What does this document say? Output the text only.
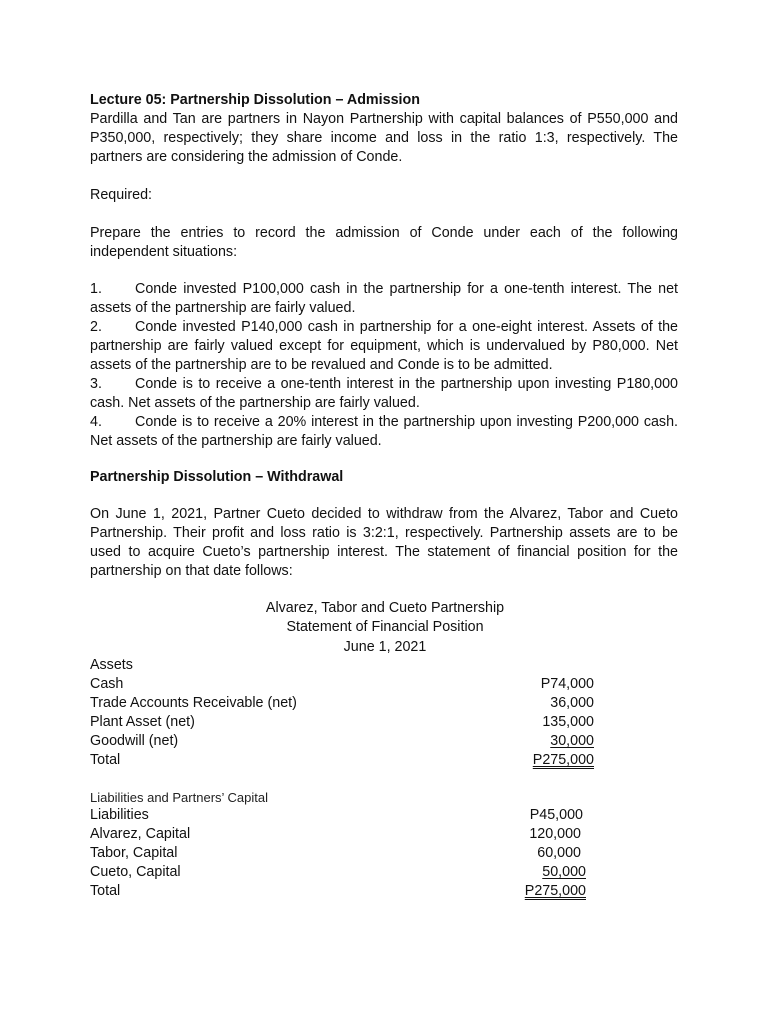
Lecture 05: Partnership Dissolution – Admission

Pardilla and Tan are partners in Nayon Partnership with capital balances of P550,000 and P350,000, respectively; they share income and loss in the ratio 1:3, respectively. The partners are considering the admission of Conde.

Required:

Prepare the entries to record the admission of Conde under each of the following independent situations:

1. Conde invested P100,000 cash in the partnership for a one-tenth interest. The net assets of the partnership are fairly valued.
2. Conde invested P140,000 cash in partnership for a one-eight interest. Assets of the partnership are fairly valued except for equipment, which is undervalued by P80,000. Net assets of the partnership are to be revalued and Conde is to be admitted.
3. Conde is to receive a one-tenth interest in the partnership upon investing P180,000 cash. Net assets of the partnership are fairly valued.
4. Conde is to receive a 20% interest in the partnership upon investing P200,000 cash. Net assets of the partnership are fairly valued.

Partnership Dissolution – Withdrawal

On June 1, 2021, Partner Cueto decided to withdraw from the Alvarez, Tabor and Cueto Partnership. Their profit and loss ratio is 3:2:1, respectively. Partnership assets are to be used to acquire Cueto’s partnership interest. The statement of financial position for the partnership on that date follows:

Alvarez, Tabor and Cueto Partnership
Statement of Financial Position
June 1, 2021
Assets
Cash	P74,000
Trade Accounts Receivable (net)	36,000
Plant Asset (net)	135,000
Goodwill (net)	30,000
Total	P275,000
Liabilities and Partners’ Capital
Liabilities	P45,000
Alvarez, Capital	120,000
Tabor, Capital	60,000
Cueto, Capital	50,000
Total	P275,000
